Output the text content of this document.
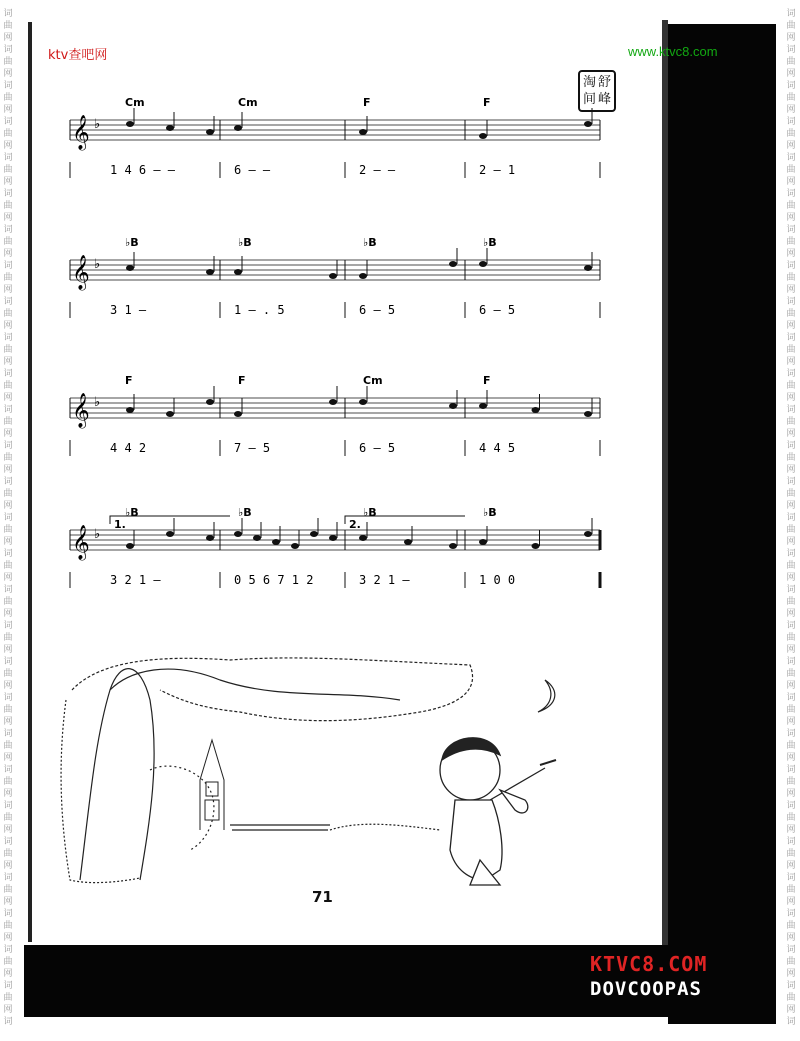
词
曲
网
词
曲
网
词
曲
网
词
曲
网
词
曲
网
词
曲
网
词
曲
网
词
曲
网
词
曲
网
词
曲
网
词
曲
网
词
曲
网
词
曲
网
词
曲
网
词
曲
网
词
曲
网
词
曲
网
词
曲
网
词
曲
网
词
曲
网
词
曲
网
词
曲
网
词
曲
网
词
曲
网
词
曲
网
词
曲
网
词
曲
网
词
曲
网
词
词
曲
网
词
曲
网
词
曲
网
词
曲
网
词
曲
网
词
曲
网
词
曲
网
词
曲
网
词
曲
网
词
曲
网
词
曲
网
词
曲
网
词
曲
网
词
曲
网
词
曲
网
词
曲
网
词
曲
网
词
曲
网
词
曲
网
词
曲
网
词
曲
网
词
曲
网
词
曲
网
词
曲
网
词
曲
网
词
曲
网
词
曲
网
词
曲
网
词
ktv查吧网	www.ktvc8.com
淘 舒间 峰
𝄞 ♭
Cm	Cm	F	F
1 4 6 — —	6 — —	2 — —	2 — 1
𝄞 ♭
♭B	♭B	♭B	♭B
3 1 —	1 — . 5	6 — 5	6 — 5
𝄞 ♭
F	F	Cm	F
4 4 2	7 — 5	6 — 5	4 4 5
𝄞 ♭
♭B	♭B	♭B	♭B
3 2 1 —	0 5 6 7 1 2	3 2 1 —	1 0 0
1.	2.
71
KTVC8.COM
DOVCOOPAS
